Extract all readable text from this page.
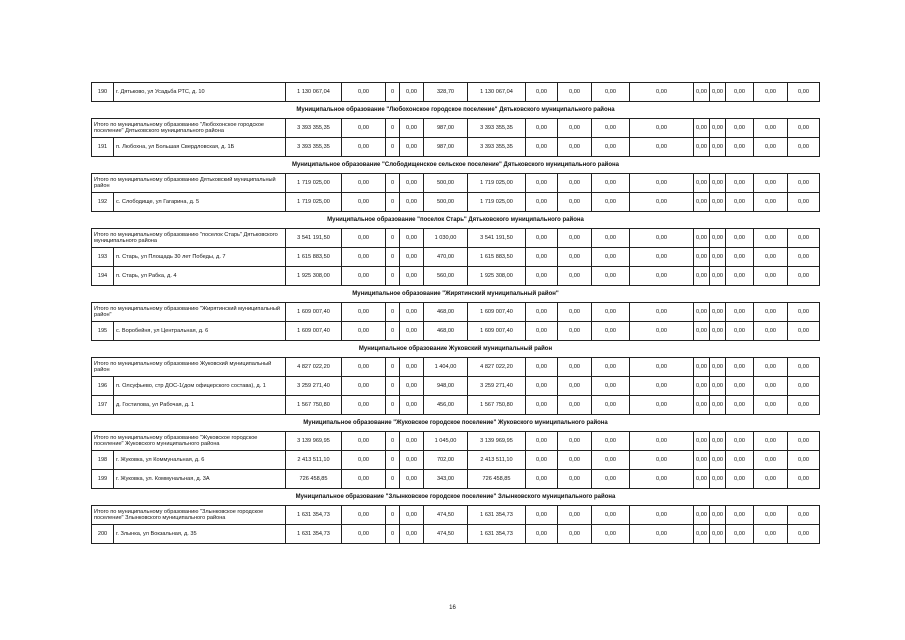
190	г. Дятьково, ул Усадьба РТС, д. 10	1 130 067,04	0,00	0	0,00	328,70	1 130 067,04	0,00	0,00	0,00	0,00	0,00	0,00	0,00	0,00	0,00
Муниципальное образование "Любохонское городское поселение" Дятьковского муниципального района																
Итого по муниципальному образованию "Любохонское городское поселение" Дятьковского муниципального района		3 393 355,35	0,00	0	0,00	987,00	3 393 355,35	0,00	0,00	0,00	0,00	0,00	0,00	0,00	0,00	0,00
191	п. Любохна, ул Большая Свердловская, д. 1Б	3 393 355,35	0,00	0	0,00	987,00	3 393 355,35	0,00	0,00	0,00	0,00	0,00	0,00	0,00	0,00	0,00
Муниципальное образование "Слободищенское сельское поселение" Дятьковского муниципального района																
Итого по муниципальному образованию Дятьковский муниципальный район		1 719 025,00	0,00	0	0,00	500,00	1 719 025,00	0,00	0,00	0,00	0,00	0,00	0,00	0,00	0,00	0,00
192	с. Слободище, ул Гагарина, д. 5	1 719 025,00	0,00	0	0,00	500,00	1 719 025,00	0,00	0,00	0,00	0,00	0,00	0,00	0,00	0,00	0,00
Муниципальное образование "поселок Старь" Дятьковского муниципального района																
Итого по муниципальному образованию "поселок Старь" Дятьковского муниципального района		3 541 191,50	0,00	0	0,00	1 030,00	3 541 191,50	0,00	0,00	0,00	0,00	0,00	0,00	0,00	0,00	0,00
193	п. Старь, ул Площадь 30 лет Победы, д. 7	1 615 883,50	0,00	0	0,00	470,00	1 615 883,50	0,00	0,00	0,00	0,00	0,00	0,00	0,00	0,00	0,00
194	п. Старь, ул Рабка, д. 4	1 925 308,00	0,00	0	0,00	560,00	1 925 308,00	0,00	0,00	0,00	0,00	0,00	0,00	0,00	0,00	0,00
Муниципальное образование "Жирятинский муниципальный район"																
Итого по муниципальному образованию "Жирятинский муниципальный район"		1 609 007,40	0,00	0	0,00	468,00	1 609 007,40	0,00	0,00	0,00	0,00	0,00	0,00	0,00	0,00	0,00
195	с. Воробейня, ул Центральная, д. 6	1 609 007,40	0,00	0	0,00	468,00	1 609 007,40	0,00	0,00	0,00	0,00	0,00	0,00	0,00	0,00	0,00
Муниципальное образование Жуковский муниципальный район																
Итого по муниципальному образованию Жуковский муниципальный район		4 827 022,20	0,00	0	0,00	1 404,00	4 827 022,20	0,00	0,00	0,00	0,00	0,00	0,00	0,00	0,00	0,00
196	п. Олсуфьево, стр ДОС-1(дом офицерского состава), д. 1	3 259 271,40	0,00	0	0,00	948,00	3 259 271,40	0,00	0,00	0,00	0,00	0,00	0,00	0,00	0,00	0,00
197	д. Гостилова, ул Рабочая, д. 1	1 567 750,80	0,00	0	0,00	456,00	1 567 750,80	0,00	0,00	0,00	0,00	0,00	0,00	0,00	0,00	0,00
Муниципальное образование "Жуковское городское поселение" Жуковского муниципального района																
Итого по муниципальному образованию "Жуковское городское поселение" Жуковского муниципального района		3 139 969,95	0,00	0	0,00	1 045,00	3 139 969,95	0,00	0,00	0,00	0,00	0,00	0,00	0,00	0,00	0,00
198	г. Жуковка, ул Коммунальная, д. 6	2 413 511,10	0,00	0	0,00	702,00	2 413 511,10	0,00	0,00	0,00	0,00	0,00	0,00	0,00	0,00	0,00
199	г. Жуковка, ул. Коммунальная, д. 3А	726 458,85	0,00	0	0,00	343,00	726 458,85	0,00	0,00	0,00	0,00	0,00	0,00	0,00	0,00	0,00
Муниципальное образование "Злынковское городское поселение" Злынковского муниципального района																
Итого по муниципальному образованию "Злынковское городское поселение" Злынковского муниципального района		1 631 354,73	0,00	0	0,00	474,50	1 631 354,73	0,00	0,00	0,00	0,00	0,00	0,00	0,00	0,00	0,00
200	г. Злынка, ул Вокзальная, д. 35	1 631 354,73	0,00	0	0,00	474,50	1 631 354,73	0,00	0,00	0,00	0,00	0,00	0,00	0,00	0,00	0,00
16
